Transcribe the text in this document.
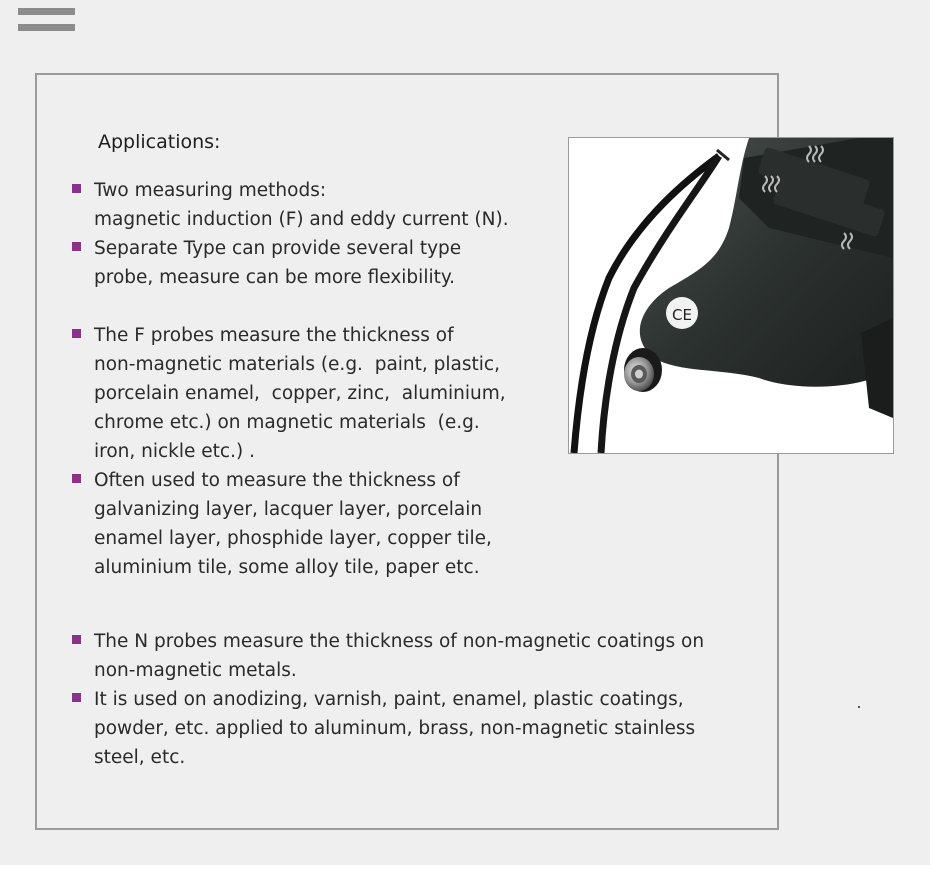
Applications:
Two measuring methods:
magnetic induction (F) and eddy current (N).
Separate Type can provide several type
probe, measure can be more flexibility.
The F probes measure the thickness of
non-magnetic materials (e.g.  paint, plastic,
porcelain enamel,  copper, zinc,  aluminium,
chrome etc.) on magnetic materials  (e.g.
iron, nickle etc.) .
Often used to measure the thickness of
galvanizing layer, lacquer layer, porcelain
enamel layer, phosphide layer, copper tile,
aluminium tile, some alloy tile, paper etc.
The N probes measure the thickness of non-magnetic coatings on
non-magnetic metals.
It is used on anodizing, varnish, paint, enamel, plastic coatings,
powder, etc. applied to aluminum, brass, non-magnetic stainless
steel, etc.
CE
